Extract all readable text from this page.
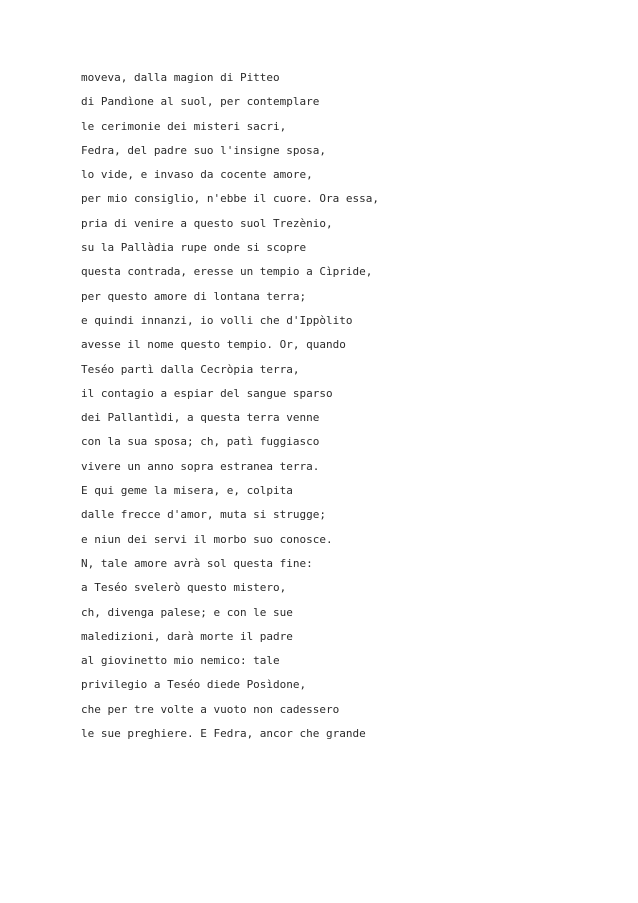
moveva, dalla magion di Pitteo
di Pandìone al suol, per contemplare
le cerimonie dei misteri sacri,
Fedra, del padre suo l'insigne sposa,
lo vide, e invaso da cocente amore,
per mio consiglio, n'ebbe il cuore. Ora essa,
pria di venire a questo suol Trezènio,
su la Pallàdia rupe onde si scopre
questa contrada, eresse un tempio a Cìpride,
per questo amore di lontana terra;
e quindi innanzi, io volli che d'Ippòlito
avesse il nome questo tempio. Or, quando
Teséo partì dalla Cecròpia terra,
il contagio a espiar del sangue sparso
dei Pallantìdi, a questa terra venne
con la sua sposa; ch, patì fuggiasco
vivere un anno sopra estranea terra.
E qui geme la misera, e, colpita
dalle frecce d'amor, muta si strugge;
e niun dei servi il morbo suo conosce.
N, tale amore avrà sol questa fine:
a Teséo svelerò questo mistero,
ch, divenga palese; e con le sue
maledizioni, darà morte il padre
al giovinetto mio nemico: tale
privilegio a Teséo diede Posìdone,
che per tre volte a vuoto non cadessero
le sue preghiere. E Fedra, ancor che grande
